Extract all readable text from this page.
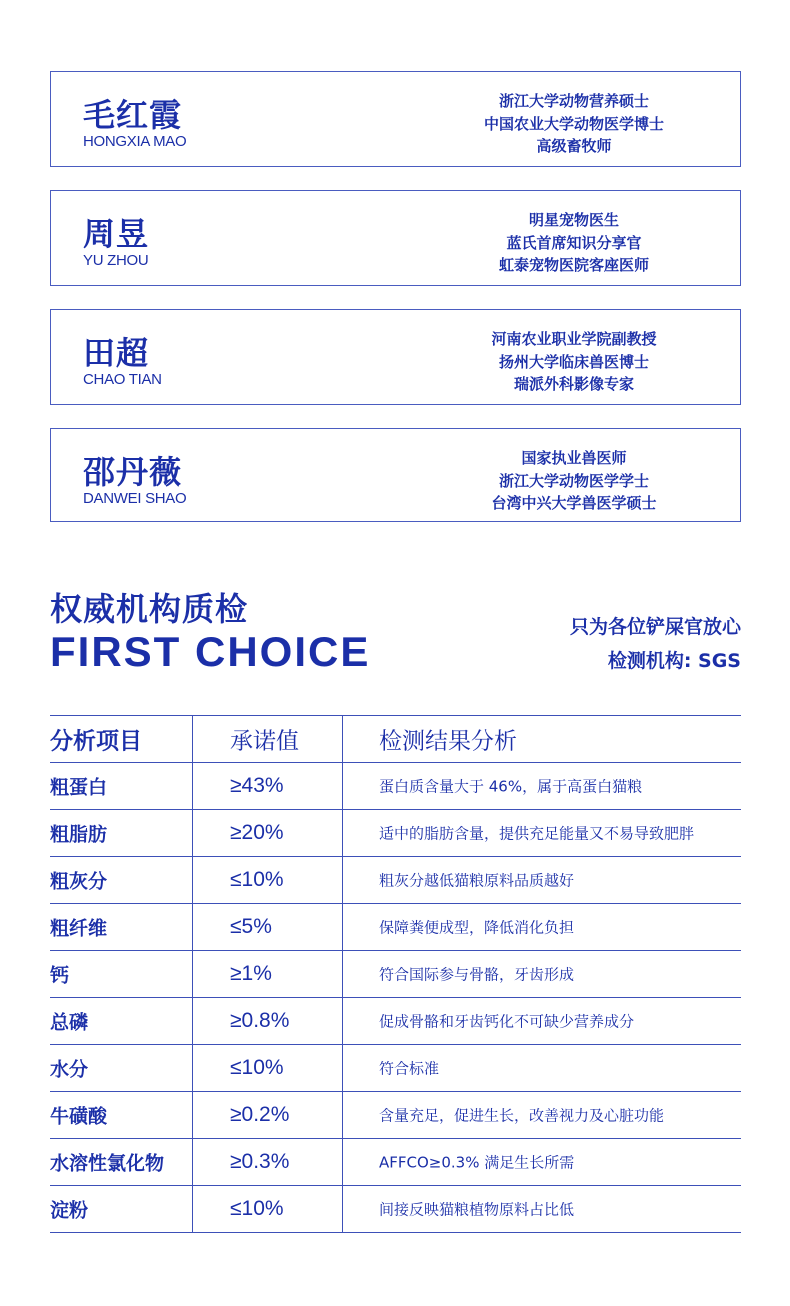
毛红霞
HONGXIA MAO
浙江大学动物营养硕士
中国农业大学动物医学博士
高级畜牧师
周昱
YU ZHOU
明星宠物医生
蓝氏首席知识分享官
虹泰宠物医院客座医师
田超
CHAO TIAN
河南农业职业学院副教授
扬州大学临床兽医博士
瑞派外科影像专家
邵丹薇
DANWEI SHAO
国家执业兽医师
浙江大学动物医学学士
台湾中兴大学兽医学硕士
权威机构质检
FIRST CHOICE
只为各位铲屎官放心
检测机构: SGS
分析项目	承诺值	检测结果分析
粗蛋白	≥43%	蛋白质含量大于 46%，属于高蛋白猫粮
粗脂肪	≥20%	适中的脂肪含量，提供充足能量又不易导致肥胖
粗灰分	≤10%	粗灰分越低猫粮原料品质越好
粗纤维	≤5%	保障粪便成型，降低消化负担
钙	≥1%	符合国际参与骨骼，牙齿形成
总磷	≥0.8%	促成骨骼和牙齿钙化不可缺少营养成分
水分	≤10%	符合标准
牛磺酸	≥0.2%	含量充足，促进生长，改善视力及心脏功能
水溶性氯化物	≥0.3%	AFFCO≥0.3% 满足生长所需
淀粉	≤10%	间接反映猫粮植物原料占比低
